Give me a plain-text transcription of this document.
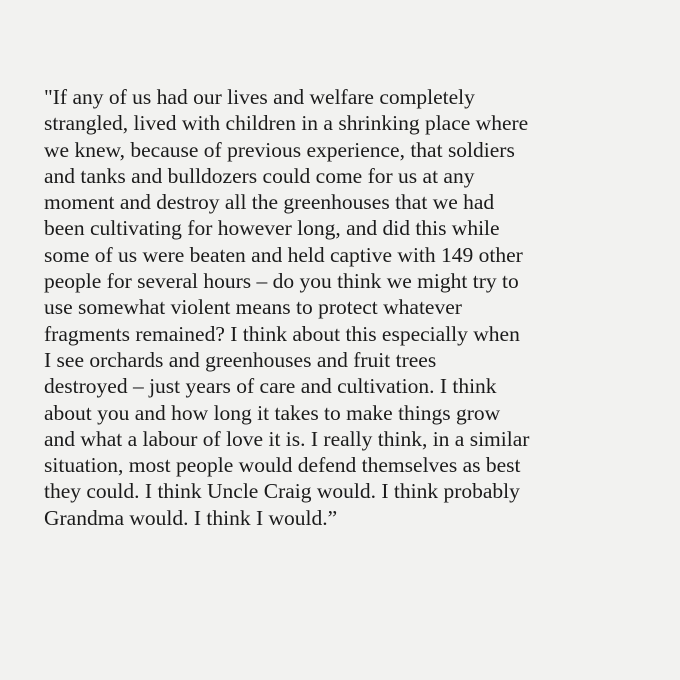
"If any of us had our lives and welfare completely
strangled, lived with children in a shrinking place where
we knew, because of previous experience, that soldiers
and tanks and bulldozers could come for us at any
moment and destroy all the greenhouses that we had
been cultivating for however long, and did this while
some of us were beaten and held captive with 149 other
people for several hours – do you think we might try to
use somewhat violent means to protect whatever
fragments remained? I think about this especially when
I see orchards and greenhouses and fruit trees
destroyed – just years of care and cultivation. I think
about you and how long it takes to make things grow
and what a labour of love it is. I really think, in a similar
situation, most people would defend themselves as best
they could. I think Uncle Craig would. I think probably
Grandma would. I think I would.”
